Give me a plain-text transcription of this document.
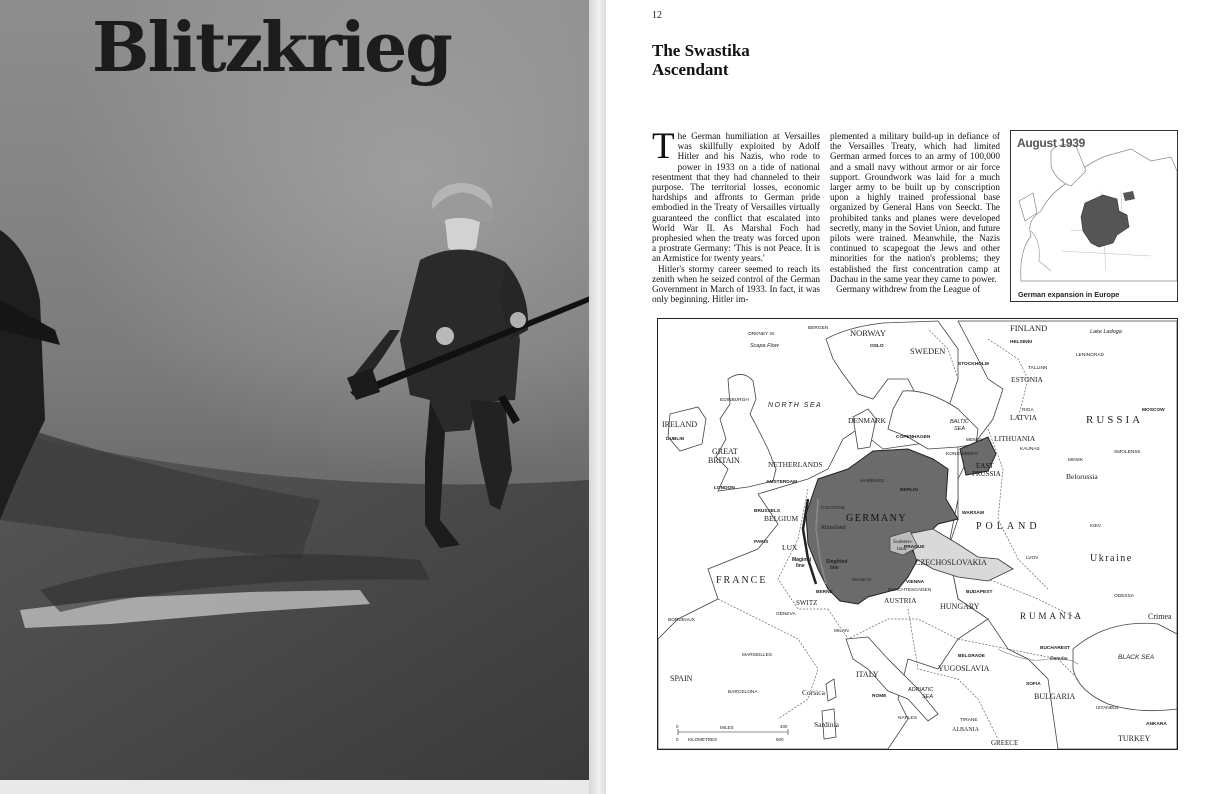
Blitzkrieg	12
The Swastika
Ascendant

The German humiliation at Versailles was skillfully exploited by Adolf Hitler and his Nazis, who rode to power in 1933 on a tide of national resentment that they had channeled to their purpose. The territorial losses, economic hardships and affronts to German pride embodied in the Treaty of Versailles virtually guaranteed the conflict that escalated into World War II. As Marshal Foch had prophesied when the treaty was forced upon a prostrate Germany: 'This is not Peace. It is an Armistice for twenty years.'

Hitler's stormy career seemed to reach its zenith when he seized control of the German Government in March of 1933. In fact, it was only beginning. Hitler im-

plemented a military build-up in defiance of the Versailles Treaty, which had limited German armed forces to an army of 100,000 and a small navy without armor or air force support. Groundwork was laid for a much larger army to be built up by conscription upon a highly trained professional base organized by General Hans von Seeckt. The prohibited tanks and planes were developed secretly, many in the Soviet Union, and future pilots were trained. Meanwhile, the Nazis continued to scapegoat the Jews and other minorities for the nation's problems; they established the first concentration camp at Dachau in the same year they came to power.

Germany withdrew from the League of

August 1939
German expansion in Europe
NORWAY
SWEDEN
FINLAND
ESTONIA
LATVIA
LITHUANIA
RUSSIA
IRELAND
GREAT
BRITAIN
DENMARK
NETHERLANDS
BELGIUM
LUX
FRANCE
GERMANY
EAST
PRUSSIA
POLAND
CZECHOSLOVAKIA
AUSTRIA
HUNGARY
SWITZ
RUMANIA
YUGOSLAVIA
ITALY
SPAIN
BULGARIA
ALBANIA
GREECE	TURKEY
Belorussia
Ukraine
Rhineland
Sudeten-
land
Crimea
Corsica
Sardinia
Maginot
line
Siegfried
line
NORTH SEA
BALTIC
SEA
BLACK SEA
ADRIATIC
SEA
Scapa Flow
Lake Ladoga
Danube
ORKNEY IS.
BERGEN
OSLO
STOCKHOLM
HELSINKI
LENINGRAD
TALLINN
RIGA
MEMEL
KAUNAS
KONIGSBERG
MINSK
SMOLENSK
MOSCOW
EDINBURGH
DUBLIN
LONDON
AMSTERDAM
BRUSSELS
PARIS
COLOGNE
HAMBURG
BERLIN
COPENHAGEN
WARSAW
PRAGUE
LVOV
KIEV
MUNICH	VIENNA
BERCHTESGADEN	BUDAPEST
BERNE
GENEVA
MILAN
BORDEAUX
MARSEILLES
BARCELONA
ROME
NAPLES
BELGRADE
BUCHAREST
SOFIA
ODESSA
TIRANE
ISTANBUL
ANKARA
MILES
KILOMETRES
0	400
0	600
